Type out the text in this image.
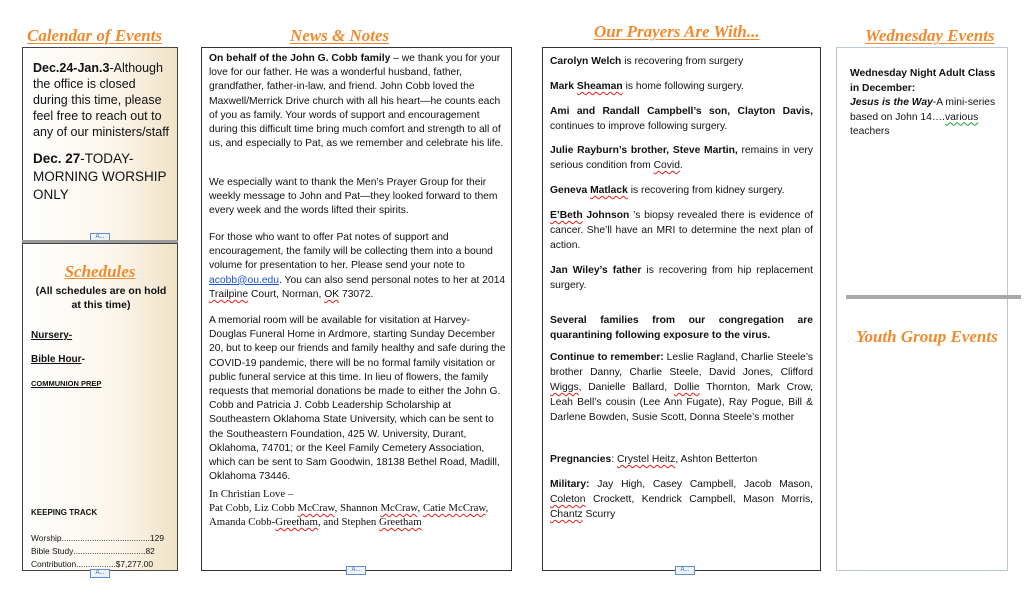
Calendar of Events	News & Notes	Our Prayers Are With...	Wednesday Events
Dec.24-Jan.3-Although the office is closed during this time, please feel free to reach out to any of our ministers/staff
Dec. 27-TODAY-MORNING WORSHIP ONLY
A...
Schedules
(All schedules are on hold at this time)
Nursery-
Bible Hour-
COMMUNION PREP
KEEPING TRACK
Worship ...................................... 129
Bible Study ............................... 82
Contribution ................. $7,277.00
A...
On behalf of the John G. Cobb family – we thank you for your love for our father. He was a wonderful husband, father, grandfather, father-in-law, and friend. John Cobb loved the Maxwell/Merrick Drive church with all his heart—he counts each of you as family. Your words of support and encouragement during this difficult time bring much comfort and strength to all of us, and especially to Pat, as we remember and celebrate his life.
We especially want to thank the Men’s Prayer Group for their weekly message to John and Pat—they looked forward to them every week and the words lifted their spirits.
For those who want to offer Pat notes of support and encouragement, the family will be collecting them into a bound volume for presentation to her. Please send your note to acobb@ou.edu. You can also send personal notes to her at 2014 Trailpine Court, Norman, OK 73072.
A memorial room will be available for visitation at Harvey-Douglas Funeral Home in Ardmore, starting Sunday December 20, but to keep our friends and family healthy and safe during the COVID-19 pandemic, there will be no formal family visitation or public funeral service at this time. In lieu of flowers, the family requests that memorial donations be made to either the John G. Cobb and Patricia J. Cobb Leadership Scholarship at Southeastern Oklahoma State University, which can be sent to the Southeastern Foundation, 425 W. University, Durant, Oklahoma, 74701; or the Keel Family Cemetery Association, which can be sent to Sam Goodwin, 18138 Bethel Road, Madill, Oklahoma 73446.
In Christian Love –
Pat Cobb, Liz Cobb McCraw, Shannon McCraw, Catie McCraw,
Amanda Cobb-Greetham, and Stephen Greetham
A...
Carolyn Welch is recovering from surgery
Mark Sheaman is home following surgery.
Ami and Randall Campbell’s son, Clayton Davis, continues to improve following surgery.
Julie Rayburn’s brother, Steve Martin, remains in very serious condition from Covid.
Geneva Matlack is recovering from kidney surgery.
E’Beth Johnson ’s biopsy revealed there is evidence of cancer. She’ll have an MRI to determine the next plan of action.
Jan Wiley’s father is recovering from hip replacement surgery.
Several families from our congregation are quarantining following exposure to the virus.
Continue to remember: Leslie Ragland, Charlie Steele’s brother Danny, Charlie Steele, David Jones, Clifford Wiggs, Danielle Ballard, Dollie Thornton, Mark Crow, Leah Bell’s cousin (Lee Ann Fugate), Ray Pogue, Bill & Darlene Bowden, Susie Scott, Donna Steele’s mother
Pregnancies: Crystel Heitz, Ashton Betterton
Military: Jay High, Casey Campbell, Jacob Mason, Coleton Crockett, Kendrick Campbell, Mason Morris, Chantz Scurry
A...
Wednesday Night Adult Class in December:
Jesus is the Way-A mini-series based on John 14….various
teachers
Youth Group Events
